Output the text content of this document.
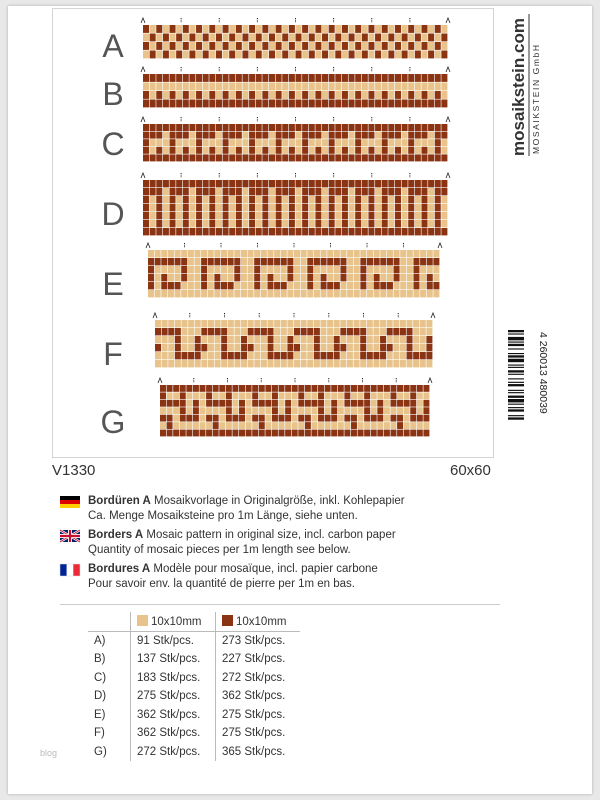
A
B
C
D
E
F
G
mosaikstein.com MOSAIKSTEIN GmbH
4 260013 480039
V1330	60x60
Bordüren A Mosaikvorlage in Originalgröße, inkl. Kohlepapier
Ca. Menge Mosaiksteine pro 1m Länge, siehe unten.
Borders A Mosaic pattern in original size, incl. carbon paper
Quantity of mosaic pieces per 1m length see below.
Bordures A Modèle pour mosaïque, incl. papier carbone
Pour savoir env. la quantité de pierre per 1m en bas.
	10x10mm	10x10mm
A)	91 Stk/pcs.	273 Stk/pcs.
B)	137 Stk/pcs.	227 Stk/pcs.
C)	183 Stk/pcs.	272 Stk/pcs.
D)	275 Stk/pcs.	362 Stk/pcs.
E)	362 Stk/pcs.	275 Stk/pcs.
F)	362 Stk/pcs.	275 Stk/pcs.
G)	272 Stk/pcs.	365 Stk/pcs.
blog
